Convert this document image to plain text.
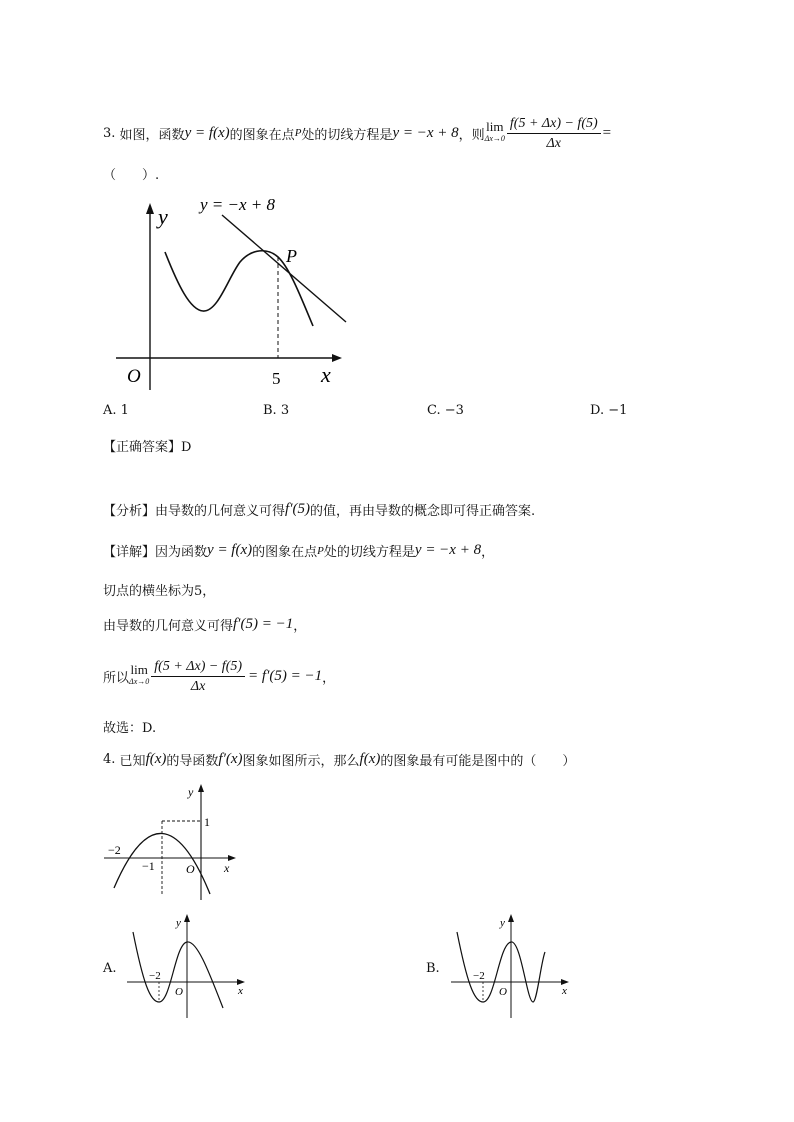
3.
如图，函数 y = f(x) 的图象在点 P 处的切线方程是 y = −x + 8 ，则
lim
$\Delta x\to 0 \frac{f(5 + \Delta x) - f(5)}{\Delta x}$ =
（　　）.
y
x
O	5
y = −x + 8
P
A. 1	B. 3	C. −3	D. −1
【正确答案】D
【分析】 由导数的几何意义可得 f′(5) 的值，再由导数的概念即可得正确答案.
【详解】 因为函数 y = f(x) 的图象在点 P 处的切线方程是 y = −x + 8 ，
切点的横坐标为5，
由导数的几何意义可得 f′(5) = −1 ，
所以
lim
$\Delta x\to 0 \frac{f(5 + \Delta x) - f(5)}{\Delta x} = f'(5) = -1$ ，
故选：D.
4.
已知 f(x) 的导函数 f′(x) 图象如图所示，那么 f(x) 的图象最有可能是图中的（　　）
y
x
O
−2
−1
1
A.
y
x
O
−2	B.
y
x
O
−2
